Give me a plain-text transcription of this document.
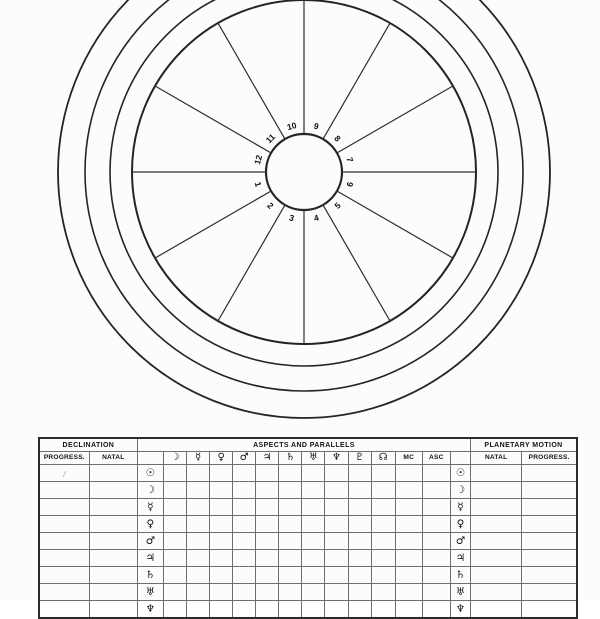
1
2
3 4
5
6
7
8
9
10
11
12
DECLINATION		ASPECTS AND PARALLELS														PLANETARY MOTION	
PROGRESS.	NATAL		☽	☿	♀	♂	♃	♄	♅	♆	♇	☊	MC	ASC		NATAL	PROGRESS.
/		☉													☉		
		☽													☽		
		☿													☿		
		♀													♀		
		♂													♂		
		♃													♃		
		♄													♄		
		♅													♅		
		♆													♆		
